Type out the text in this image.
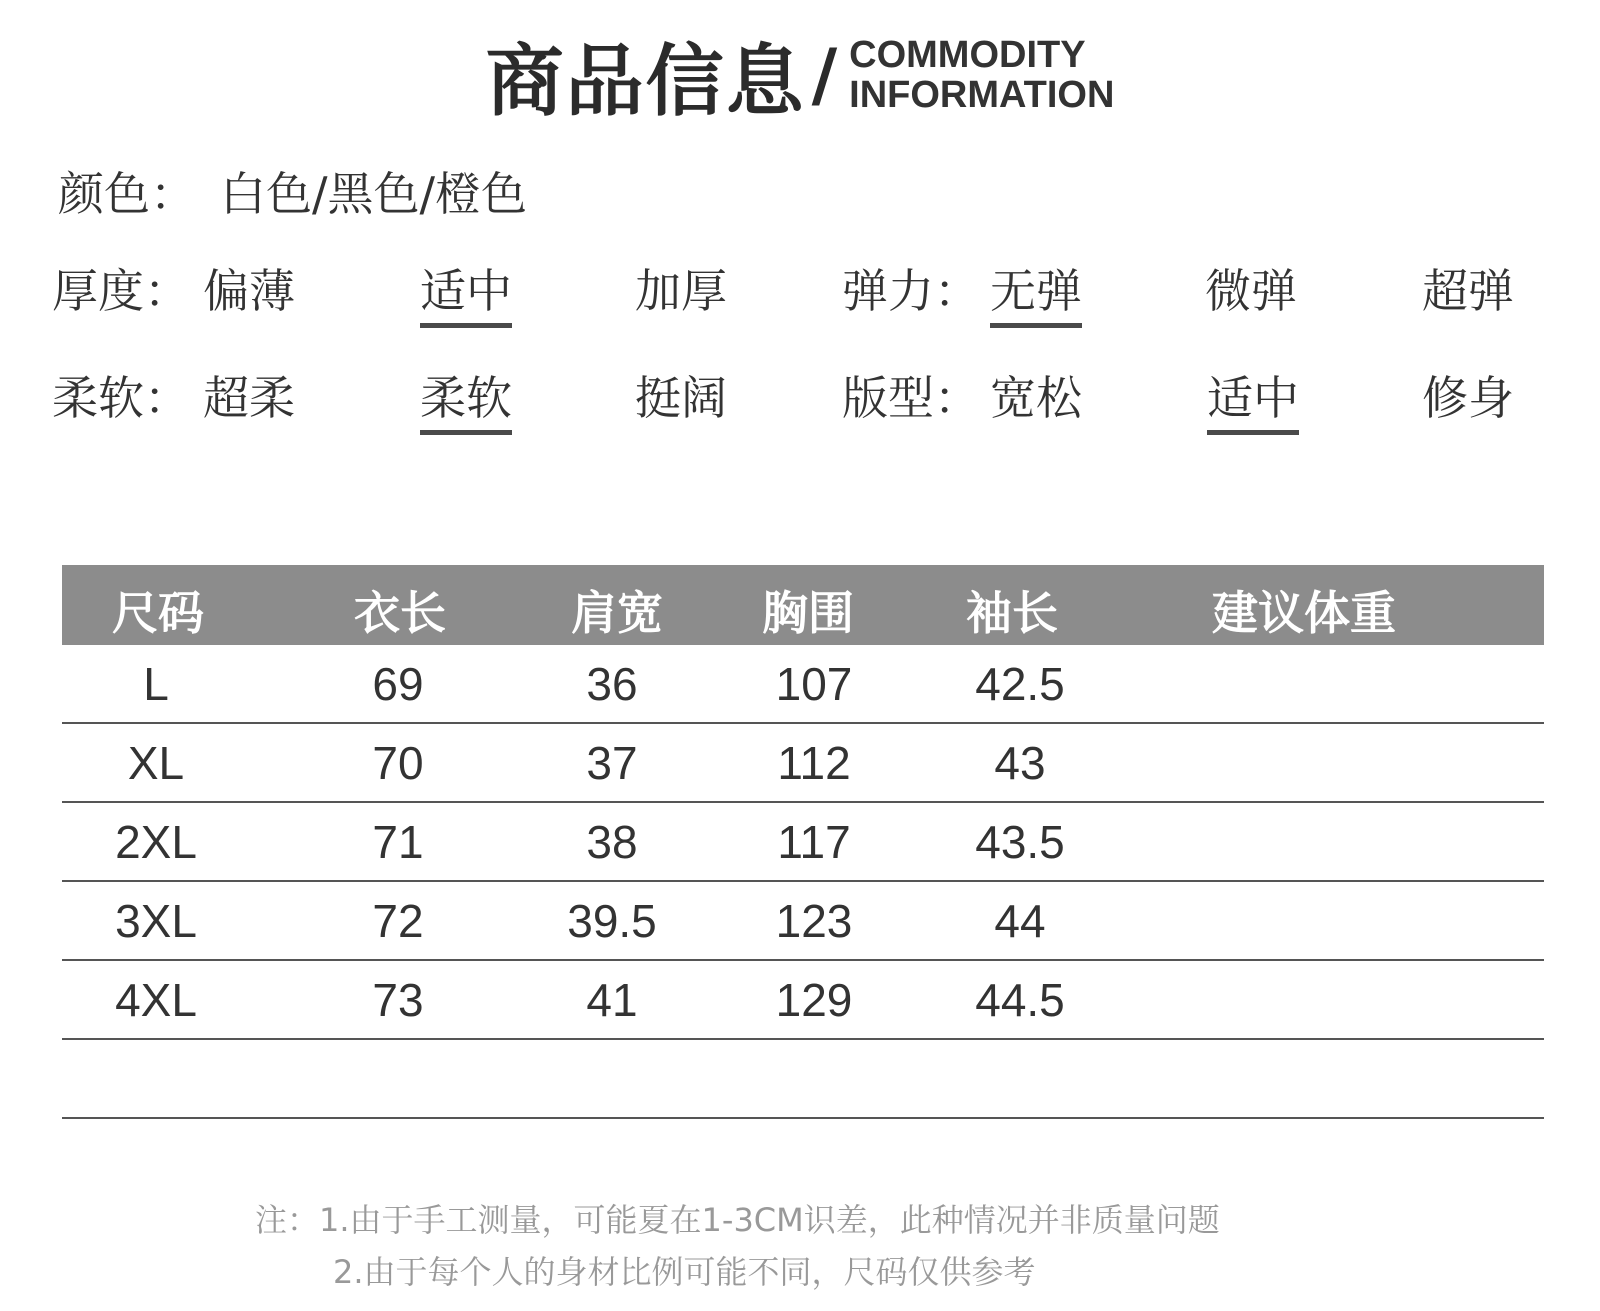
商品信息 / COMMODITY
INFORMATION
颜色： 白色/黑色/橙色
厚度： 偏薄	适中	加厚	弹力： 无弹	微弹	超弹
柔软： 超柔	柔软	挺阔	版型： 宽松	适中	修身
尺码	衣长	肩宽 胸围 袖长	建议体重
L	69	36	107	42.5
XL	70	37	112	43
2XL	71	38	117	43.5
3XL	72	39.5	123	44
4XL	73	41	129	44.5
注：1.由于手工测量，可能夏在1-3CM识差，此种情况并非质量问题
2.由于每个人的身材比例可能不同，尺码仅供参考
